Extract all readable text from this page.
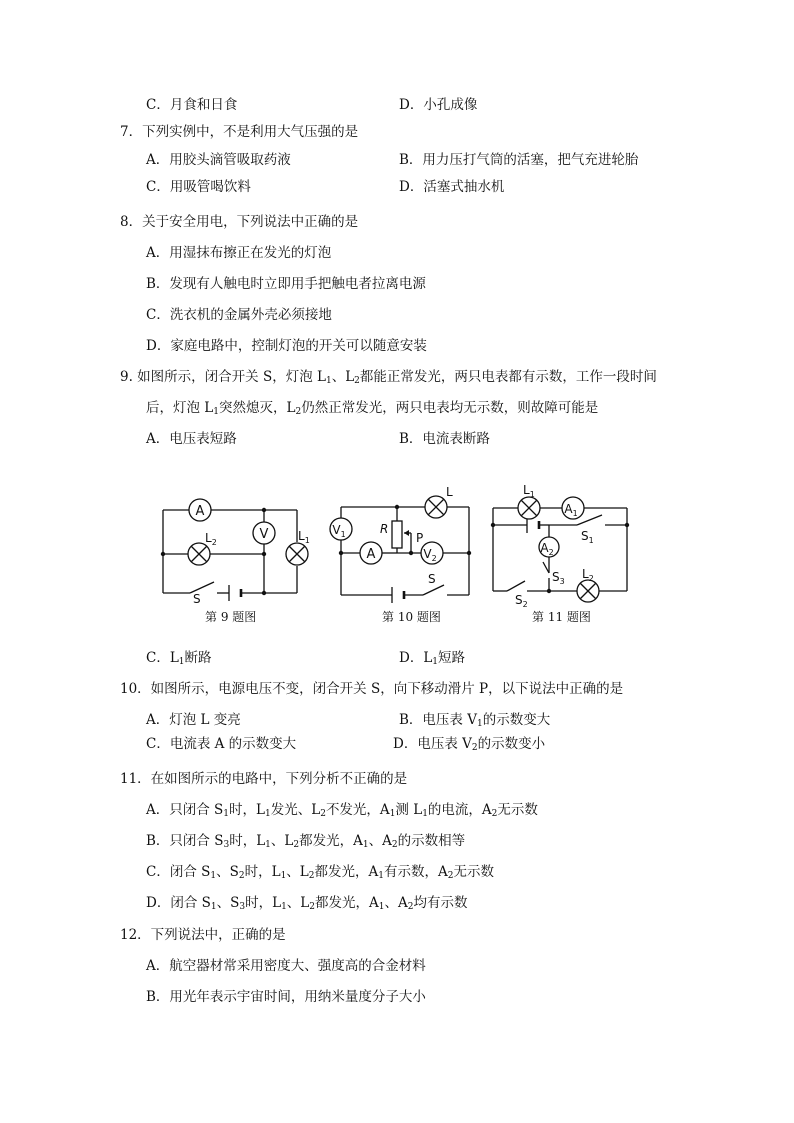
C．月食和日食	D．小孔成像
7．下列实例中，不是利用大气压强的是
A．用胶头滴管吸取药液	B．用力压打气筒的活塞，把气充进轮胎
C．用吸管喝饮料	D．活塞式抽水机
8．关于安全用电，下列说法中正确的是
A．用湿抹布擦正在发光的灯泡
B．发现有人触电时立即用手把触电者拉离电源
C．洗衣机的金属外壳必须接地
D．家庭电路中，控制灯泡的开关可以随意安装
9. 如图所示，闭合开关 S，灯泡 $L_1$、$L_2$都能正常发光，两只电表都有示数，工作一段时间
后，灯泡 $L_1$突然熄灭，$L_2$仍然正常发光，两只电表均无示数，则故障可能是
A．电压表短路	B．电流表断路
A
V
$L_2$	$L_1$
S
第 9 题图
L
$V_1$	R
P
A	$V_2$
S
第 10 题图
$L_1$
$A_1$
$S_1$
$A_2$
$S_3$
$L_2$
$S_2$
第 11 题图
C．$L_1$断路	D．$L_1$短路
10．如图所示，电源电压不变，闭合开关 S，向下移动滑片 P，以下说法中正确的是
A．灯泡 L 变亮	B．电压表 $V_1$的示数变大
C．电流表 A 的示数变大	D．电压表 $V_2$的示数变小
11．在如图所示的电路中，下列分析不正确的是
A．只闭合 $S_1$时，$L_1$发光、$L_2$不发光，$A_1$测 $L_1$的电流，$A_2$无示数
B．只闭合 $S_3$时，$L_1$、$L_2$都发光，$A_1$、$A_2$的示数相等
C．闭合 $S_1$、$S_2$时，$L_1$、$L_2$都发光，$A_1$有示数，$A_2$无示数
D．闭合 $S_1$、$S_3$时，$L_1$、$L_2$都发光，$A_1$、$A_2$均有示数
12．下列说法中，正确的是
A．航空器材常采用密度大、强度高的合金材料
B．用光年表示宇宙时间，用纳米量度分子大小
